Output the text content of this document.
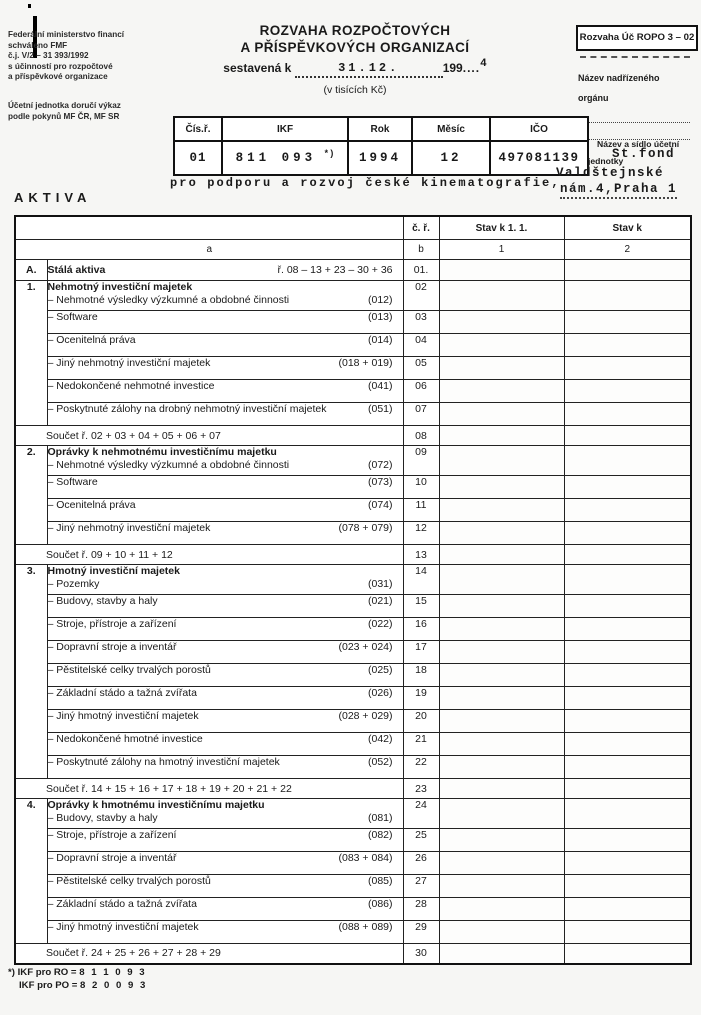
Federální ministerstvo financí
schváleno FMF
č.j. V/2 – 31 393/1992
s účinností pro rozpočtové
a příspěvkové organizace
Účetní jednotka doručí výkaz
podle pokynů MF ČR, MF SR
ROZVAHA ROZPOČTOVÝCH
A PŘÍSPĚVKOVÝCH ORGANIZACÍ
sestavená k	31.12.	199....4
(v tisících Kč)
Rozvaha Úč ROPO 3 – 02
Název nadřízeného
orgánu
Čís.ř.	IKF	Rok	Měsíc	IČO
01	811 093 *)	1994	12	497081139
pro podporu a rozvoj české kinematografie,
Název a sídlo účetní
jednotky
St.fond
Valdštejnské
nám.4,Praha 1
AKTIVA
		č. ř.	Stav k 1. 1.	Stav k
a		b	1	2
A.	Stálá aktiva ř. 08 – 13 + 23 – 30 + 36	01.		
1.	Nehmotný investiční majetek
– Nehmotné výsledky výzkumné a obdobné činnosti (012)	02		

	– Software (013)	03		

	– Ocenitelná práva (014)	04		

	– Jiný nehmotný investiční majetek (018 + 019)	05		

	– Nedokončené nehmotné investice (041)	06		

	– Poskytnuté zálohy na drobný nehmotný investiční majetek (051)	07		
Součet ř. 02 + 03 + 04 + 05 + 06 + 07		08		
2.	Oprávky k nehmotnému investičnímu majetku
– Nehmotné výsledky výzkumné a obdobné činnosti (072)	09		

	– Software (073)	10		

	– Ocenitelná práva (074)	11		

	– Jiný nehmotný investiční majetek (078 + 079)	12		
Součet ř. 09 + 10 + 11 + 12		13		
3.	Hmotný investiční majetek
– Pozemky (031)	14		

	– Budovy, stavby a haly (021)	15		

	– Stroje, přístroje a zařízení (022)	16		

	– Dopravní stroje a inventář (023 + 024)	17		

	– Pěstitelské celky trvalých porostů (025)	18		

	– Základní stádo a tažná zvířata (026)	19		

	– Jiný hmotný investiční majetek (028 + 029)	20		

	– Nedokončené hmotné investice (042)	21		

	– Poskytnuté zálohy na hmotný investiční majetek (052)	22		
Součet ř. 14 + 15 + 16 + 17 + 18 + 19 + 20 + 21 + 22		23		
4.	Oprávky k hmotnému investičnímu majetku
– Budovy, stavby a haly (081)	24		

	– Stroje, přístroje a zařízení (082)	25		

	– Dopravní stroje a inventář (083 + 084)	26		

	– Pěstitelské celky trvalých porostů (085)	27		

	– Základní stádo a tažná zvířata (086)	28		

	– Jiný hmotný investiční majetek (088 + 089)	29		
Součet ř. 24 + 25 + 26 + 27 + 28 + 29		30		
*) IKF pro RO = 8 1 1 0 9 3
IKF pro PO = 8 2 0 0 9 3
